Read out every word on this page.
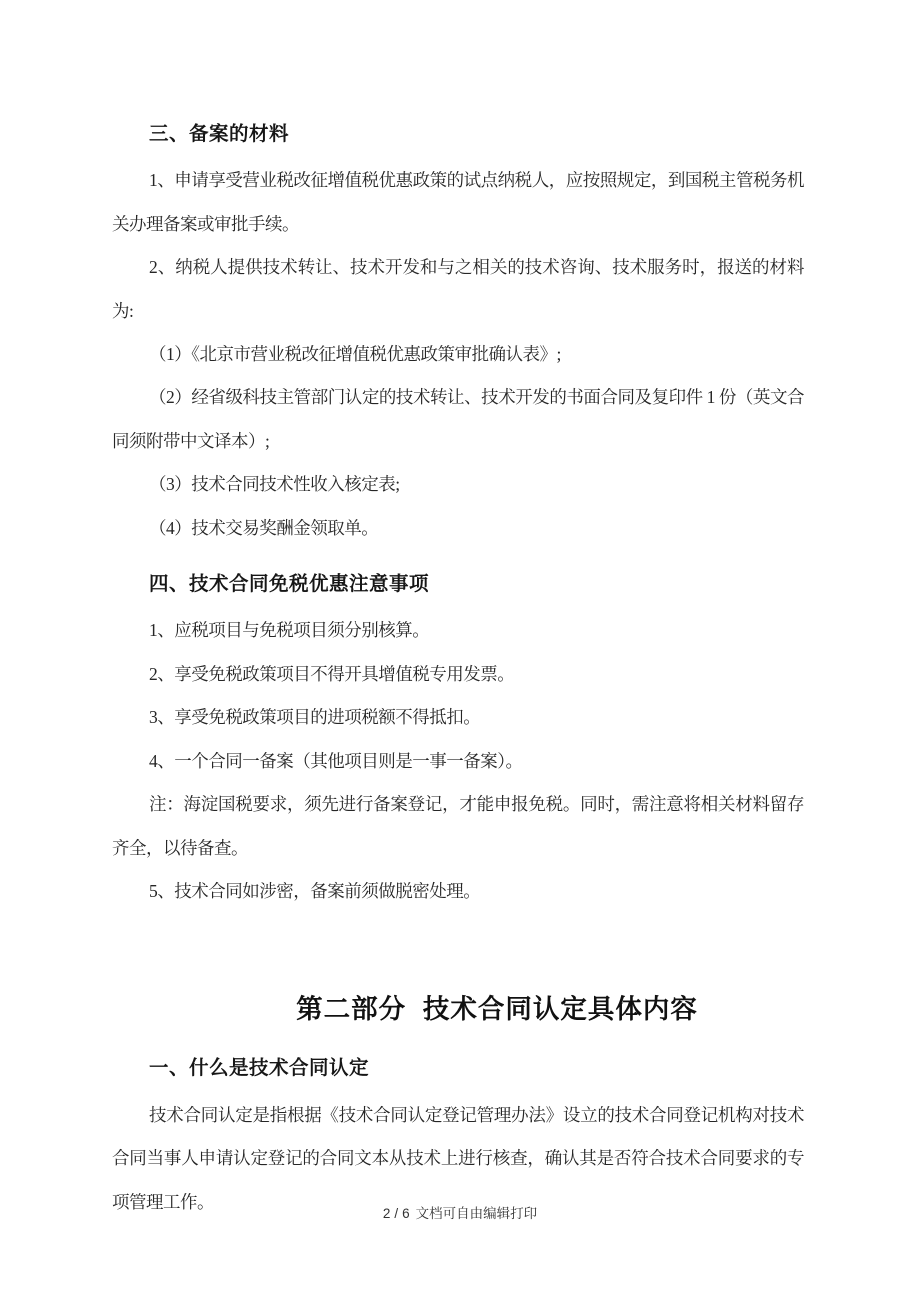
三、备案的材料

1、申请享受营业税改征增值税优惠政策的试点纳税人，应按照规定，到国税主管税务机关办理备案或审批手续。

2、纳税人提供技术转让、技术开发和与之相关的技术咨询、技术服务时，报送的材料为:

（1）《北京市营业税改征增值税优惠政策审批确认表》;

（2）经省级科技主管部门认定的技术转让、技术开发的书面合同及复印件 1 份（英文合同须附带中文译本）;

（3）技术合同技术性收入核定表;

（4）技术交易奖酬金领取单。

四、技术合同免税优惠注意事项

1、应税项目与免税项目须分别核算。

2、享受免税政策项目不得开具增值税专用发票。

3、享受免税政策项目的进项税额不得抵扣。

4、一个合同一备案（其他项目则是一事一备案）。

注：海淀国税要求，须先进行备案登记，才能申报免税。同时，需注意将相关材料留存齐全，以待备查。

5、技术合同如涉密，备案前须做脱密处理。

第二部分  技术合同认定具体内容
一、什么是技术合同认定

技术合同认定是指根据《技术合同认定登记管理办法》设立的技术合同登记机构对技术合同当事人申请认定登记的合同文本从技术上进行核查，确认其是否符合技术合同要求的专项管理工作。

2 / 6 文档可自由编辑打印
